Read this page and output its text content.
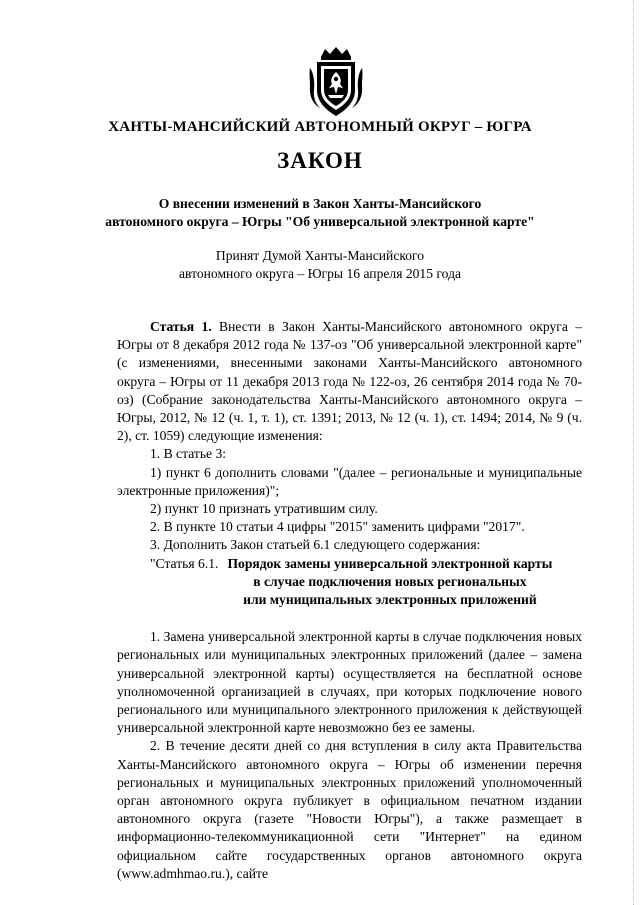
ХАНТЫ-МАНСИЙСКИЙ АВТОНОМНЫЙ ОКРУГ – ЮГРА
ЗАКОН
О внесении изменений в Закон Ханты-Мансийского
автономного округа – Югры "Об универсальной электронной карте"
Принят Думой Ханты-Мансийского
автономного округа – Югры 16 апреля 2015 года

Статья 1. Внести в Закон Ханты-Мансийского автономного округа – Югры от 8 декабря 2012 года № 137-оз "Об универсальной электронной карте" (с изменениями, внесенными законами Ханты-Мансийского автономного округа – Югры от 11 декабря 2013 года № 122-оз, 26 сентября 2014 года № 70-оз) (Собрание законодательства Ханты-Мансийского автономного округа – Югры, 2012, № 12 (ч. 1, т. 1), ст. 1391; 2013, № 12 (ч. 1), ст. 1494; 2014, № 9 (ч. 2), ст. 1059) следующие изменения:

1. В статье 3:

1) пункт 6 дополнить словами "(далее – региональные и муниципальные электронные приложения)";

2) пункт 10 признать утратившим силу.

2. В пункте 10 статьи 4 цифры "2015" заменить цифрами "2017".

3. Дополнить Закон статьей 6.1 следующего содержания:

"Статья 6.1. Порядок замены универсальной электронной карты
в случае подключения новых региональных
или муниципальных электронных приложений

1. Замена универсальной электронной карты в случае подключения новых региональных или муниципальных электронных приложений (далее – замена универсальной электронной карты) осуществляется на бесплатной основе уполномоченной организацией в случаях, при которых подключение нового регионального или муниципального электронного приложения к действующей универсальной электронной карте невозможно без ее замены.

2. В течение десяти дней со дня вступления в силу акта Правительства Ханты-Мансийского автономного округа – Югры об изменении перечня региональных и муниципальных электронных приложений уполномоченный орган автономного округа публикует в официальном печатном издании автономного округа (газете "Новости Югры"), а также размещает в информационно-телекоммуникационной сети "Интернет" на едином официальном сайте государственных органов автономного округа (www.admhmao.ru.), сайте
